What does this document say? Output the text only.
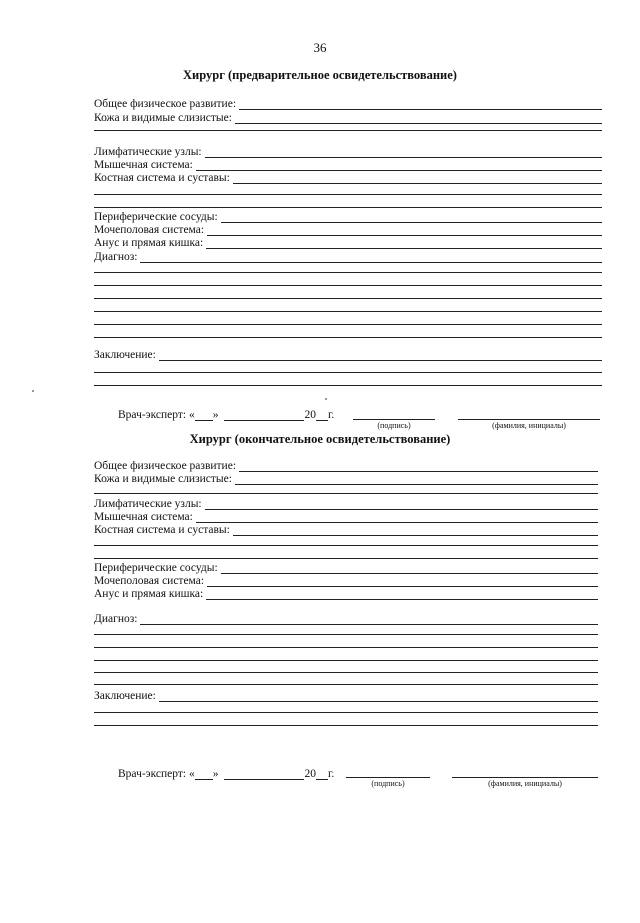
36
Хирург (предварительное освидетельствование)
Общее физическое развитие:
Кожа и видимые слизистые:
Лимфатические узлы:
Мышечная система:
Костная система и суставы:
Периферические сосуды:
Мочеполовая система:
Анус и прямая кишка:
Диагноз:
Заключение:
Врач-эксперт: « »	20 г.
(подпись)	(фамилия, инициалы)
Хирург (окончательное освидетельствование)
Общее физическое развитие:
Кожа и видимые слизистые:
Лимфатические узлы:
Мышечная система:
Костная система и суставы:
Периферические сосуды:
Мочеполовая система:
Анус и прямая кишка:
Диагноз:
Заключение:
Врач-эксперт: « »	20 г.
(подпись)	(фамилия, инициалы)
